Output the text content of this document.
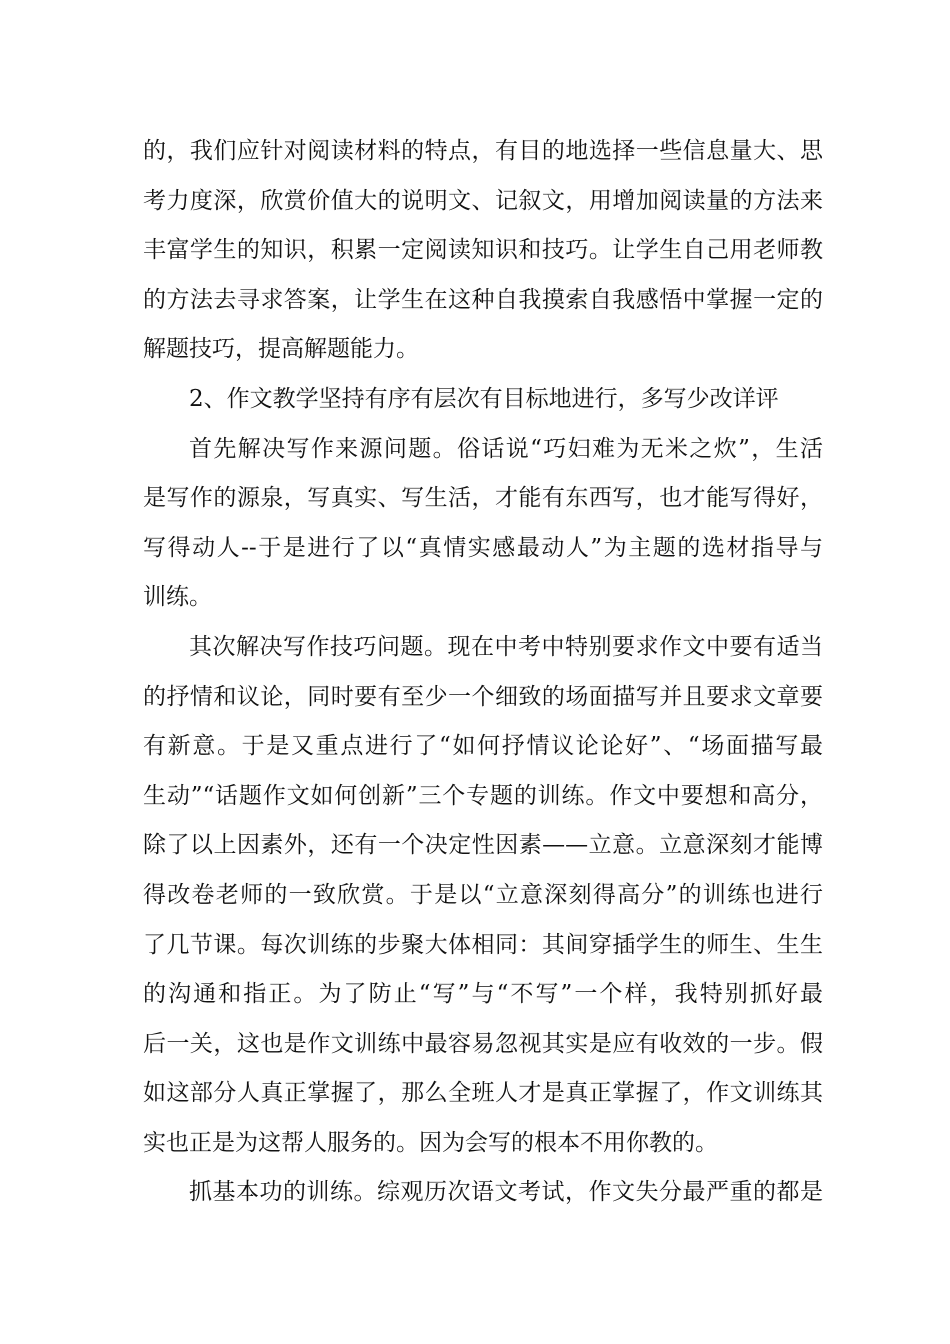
的，我们应针对阅读材料的特点，有目的地选择一些信息量大、思
考力度深，欣赏价值大的说明文、记叙文，用增加阅读量的方法来
丰富学生的知识，积累一定阅读知识和技巧。让学生自己用老师教
的方法去寻求答案，让学生在这种自我摸索自我感悟中掌握一定的
解题技巧，提高解题能力。
2、作文教学坚持有序有层次有目标地进行，多写少改详评
首先解决写作来源问题。俗话说“巧妇难为无米之炊”，生活
是写作的源泉，写真实、写生活，才能有东西写，也才能写得好，
写得动人--于是进行了以“真情实感最动人”为主题的选材指导与
训练。
其次解决写作技巧问题。现在中考中特别要求作文中要有适当
的抒情和议论，同时要有至少一个细致的场面描写并且要求文章要
有新意。于是又重点进行了“如何抒情议论论好”、“场面描写最
生动”“话题作文如何创新”三个专题的训练。作文中要想和高分，
除了以上因素外，还有一个决定性因素——立意。立意深刻才能博
得改卷老师的一致欣赏。于是以“立意深刻得高分”的训练也进行
了几节课。每次训练的步聚大体相同：其间穿插学生的师生、生生
的沟通和指正。为了防止“写”与“不写”一个样，我特别抓好最
后一关，这也是作文训练中最容易忽视其实是应有收效的一步。假
如这部分人真正掌握了，那么全班人才是真正掌握了，作文训练其
实也正是为这帮人服务的。因为会写的根本不用你教的。
抓基本功的训练。综观历次语文考试，作文失分最严重的都是
